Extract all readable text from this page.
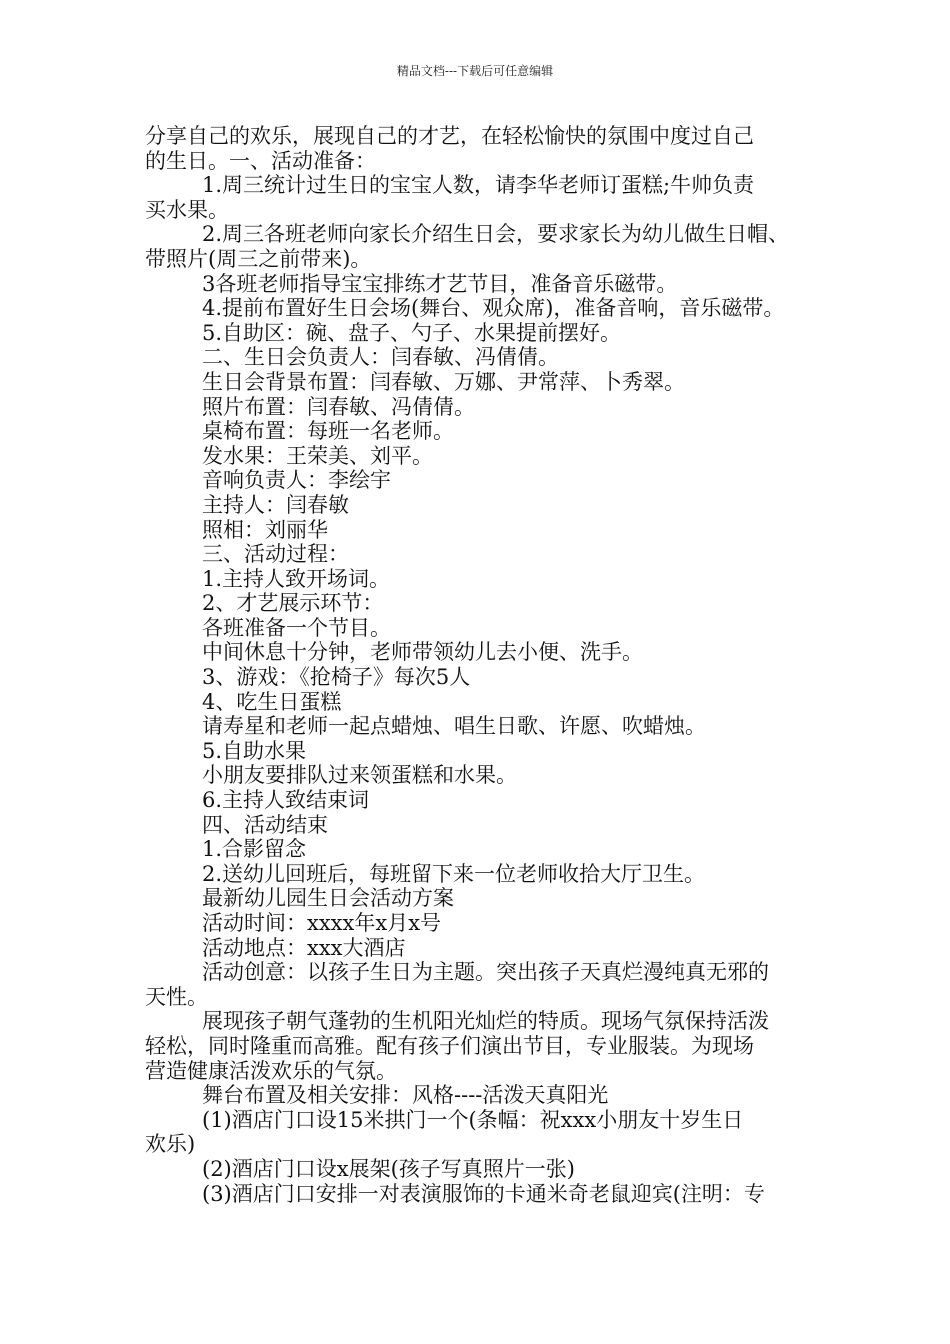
精品文档---下载后可任意编辑
分享自己的欢乐，展现自己的才艺，在轻松愉快的氛围中度过自己
的生日。一、活动准备：
1.周三统计过生日的宝宝人数，请李华老师订蛋糕;牛帅负责
买水果。
2.周三各班老师向家长介绍生日会，要求家长为幼儿做生日帽、
带照片(周三之前带来)。
3各班老师指导宝宝排练才艺节目，准备音乐磁带。
4.提前布置好生日会场(舞台、观众席)，准备音响，音乐磁带。
5.自助区：碗、盘子、勺子、水果提前摆好。
二、生日会负责人：闫春敏、冯倩倩。
生日会背景布置：闫春敏、万娜、尹常萍、卜秀翠。
照片布置：闫春敏、冯倩倩。
桌椅布置：每班一名老师。
发水果：王荣美、刘平。
音响负责人：李绘宇
主持人：闫春敏
照相：刘丽华
三、活动过程：
1.主持人致开场词。
2、才艺展示环节：
各班准备一个节目。
中间休息十分钟，老师带领幼儿去小便、洗手。
3、游戏：《抢椅子》每次5人
4、吃生日蛋糕
请寿星和老师一起点蜡烛、唱生日歌、许愿、吹蜡烛。
5.自助水果
小朋友要排队过来领蛋糕和水果。
6.主持人致结束词
四、活动结束
1.合影留念
2.送幼儿回班后，每班留下来一位老师收拾大厅卫生。
最新幼儿园生日会活动方案
活动时间：xxxx年x月x号
活动地点：xxx大酒店
活动创意：以孩子生日为主题。突出孩子天真烂漫纯真无邪的
天性。
展现孩子朝气蓬勃的生机阳光灿烂的特质。现场气氛保持活泼
轻松，同时隆重而高雅。配有孩子们演出节目，专业服装。为现场
营造健康活泼欢乐的气氛。
舞台布置及相关安排：风格----活泼天真阳光
(1)酒店门口设15米拱门一个(条幅：祝xxx小朋友十岁生日
欢乐)
(2)酒店门口设x展架(孩子写真照片一张)
(3)酒店门口安排一对表演服饰的卡通米奇老鼠迎宾(注明：专
